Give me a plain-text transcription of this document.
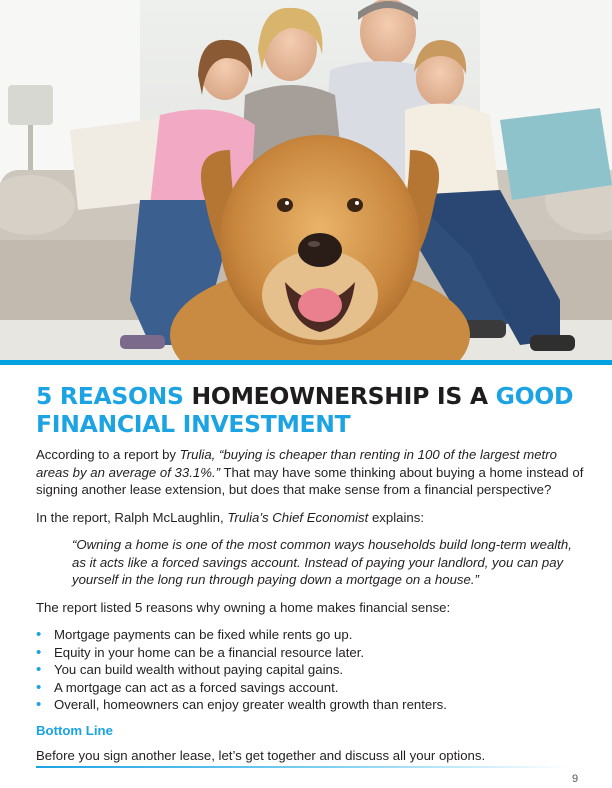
5 REASONS HOMEOWNERSHIP IS A GOOD
FINANCIAL INVESTMENT

According to a report by Trulia, “buying is cheaper than renting in 100 of the largest metro areas by an average of 33.1%.” That may have some thinking about buying a home instead of signing another lease extension, but does that make sense from a financial perspective?

In the report, Ralph McLaughlin, Trulia’s Chief Economist explains:

“Owning a home is one of the most common ways households build long-term wealth, as it acts like a forced savings account. Instead of paying your landlord, you can pay yourself in the long run through paying down a mortgage on a house.”

The report listed 5 reasons why owning a home makes financial sense:

• Mortgage payments can be fixed while rents go up.
• Equity in your home can be a financial resource later.
• You can build wealth without paying capital gains.
• A mortgage can act as a forced savings account.
• Overall, homeowners can enjoy greater wealth growth than renters.
Bottom Line

Before you sign another lease, let’s get together and discuss all your options.

9
